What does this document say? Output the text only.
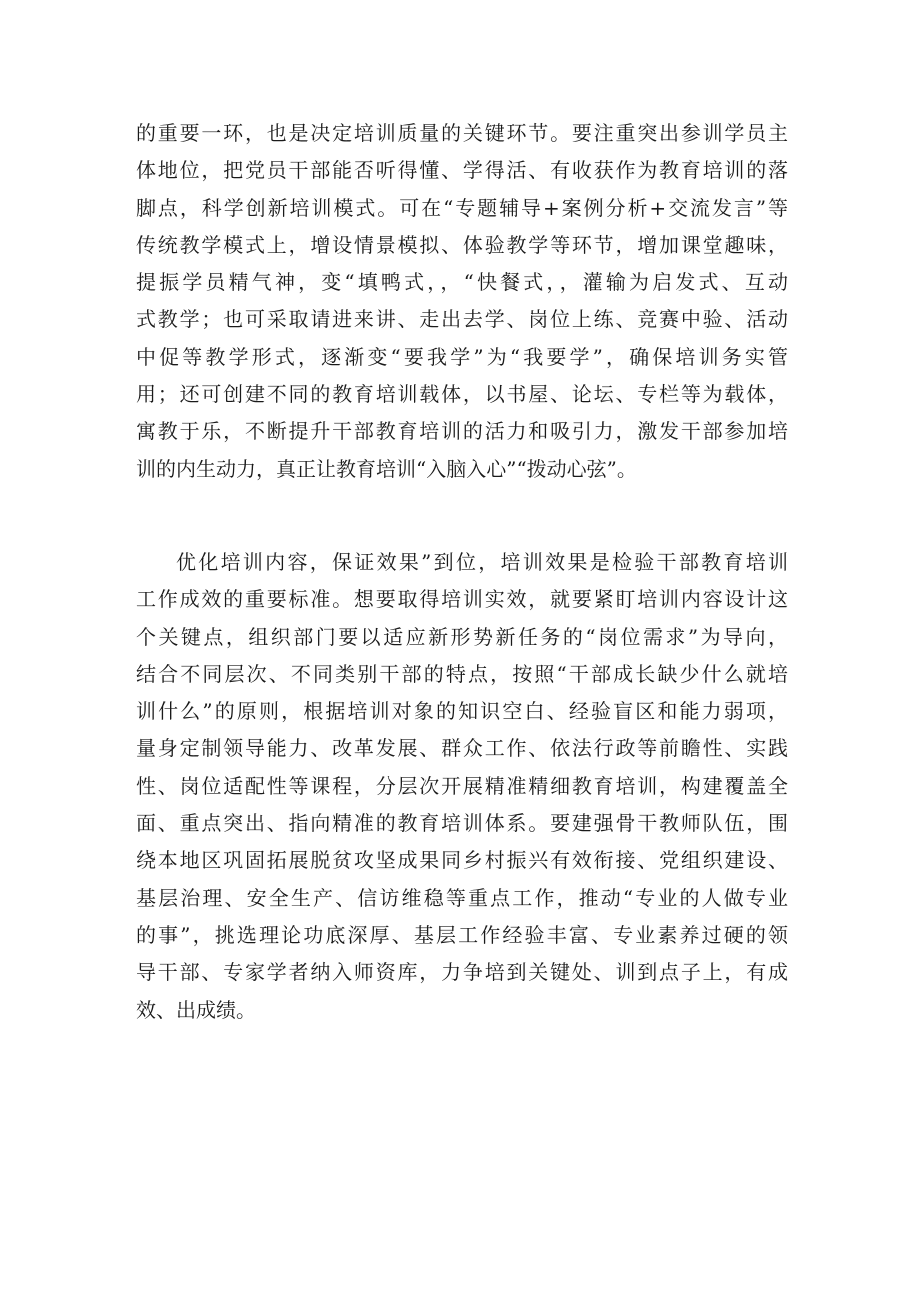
的重要一环，也是决定培训质量的关键环节。要注重突出参训学员主
体地位，把党员干部能否听得懂、学得活、有收获作为教育培训的落
脚点，科学创新培训模式。可在“专题辅导+案例分析+交流发言”等
传统教学模式上，增设情景模拟、体验教学等环节，增加课堂趣味，
提振学员精气神，变“填鸭式，，“快餐式，，灌输为启发式、互动
式教学；也可采取请进来讲、走出去学、岗位上练、竞赛中验、活动
中促等教学形式，逐渐变“要我学”为“我要学”，确保培训务实管
用；还可创建不同的教育培训载体，以书屋、论坛、专栏等为载体，
寓教于乐，不断提升干部教育培训的活力和吸引力，激发干部参加培
训的内生动力，真正让教育培训“入脑入心”“拨动心弦”。
优化培训内容，保证效果”到位，培训效果是检验干部教育培训
工作成效的重要标准。想要取得培训实效，就要紧盯培训内容设计这
个关键点，组织部门要以适应新形势新任务的“岗位需求”为导向，
结合不同层次、不同类别干部的特点，按照“干部成长缺少什么就培
训什么”的原则，根据培训对象的知识空白、经验盲区和能力弱项，
量身定制领导能力、改革发展、群众工作、依法行政等前瞻性、实践
性、岗位适配性等课程，分层次开展精准精细教育培训，构建覆盖全
面、重点突出、指向精准的教育培训体系。要建强骨干教师队伍，围
绕本地区巩固拓展脱贫攻坚成果同乡村振兴有效衔接、党组织建设、
基层治理、安全生产、信访维稳等重点工作，推动“专业的人做专业
的事”，挑选理论功底深厚、基层工作经验丰富、专业素养过硬的领
导干部、专家学者纳入师资库，力争培到关键处、训到点子上，有成
效、出成绩。
